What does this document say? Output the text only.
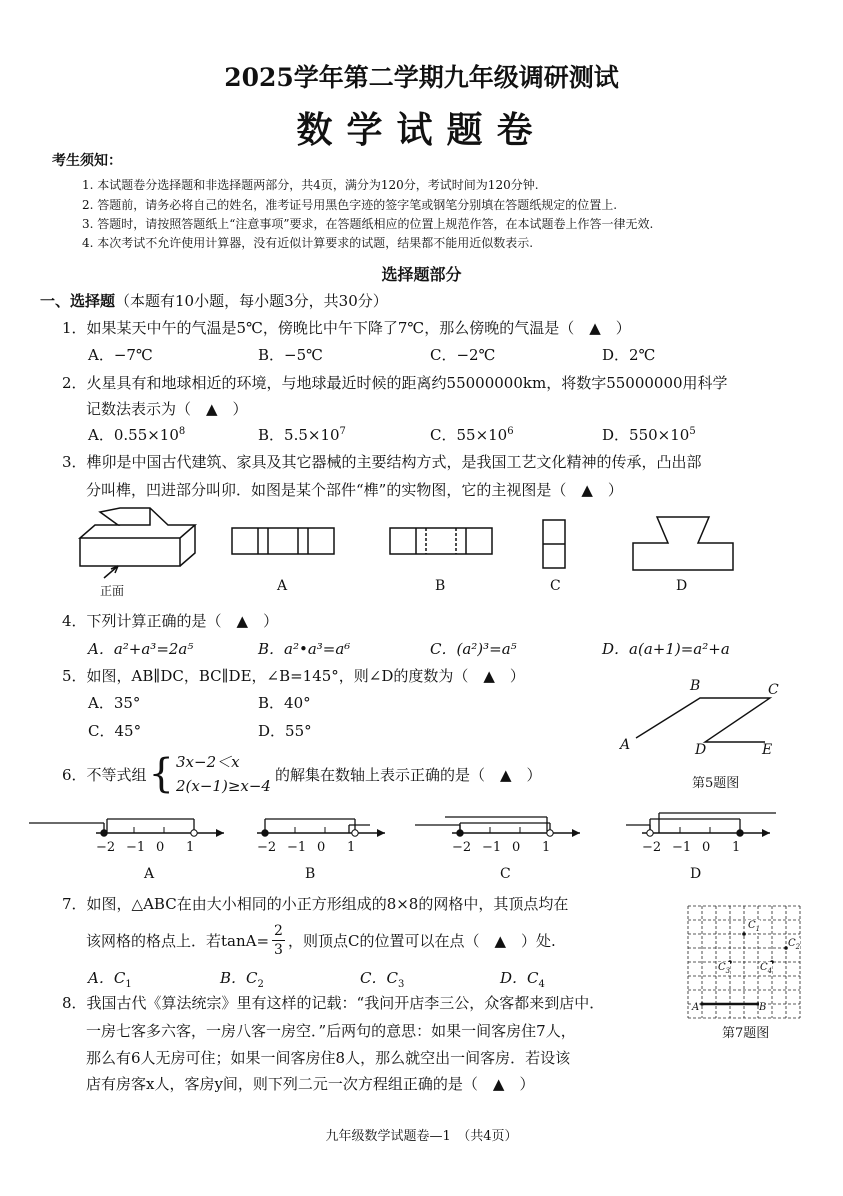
2025学年第二学期九年级调研测试
数学试题卷
考生须知：
1. 本试题卷分选择题和非选择题两部分，共4页，满分为120分，考试时间为120分钟.
2. 答题前，请务必将自己的姓名，准考证号用黑色字迹的签字笔或钢笔分别填在答题纸规定的位置上.
3. 答题时，请按照答题纸上“注意事项”要求，在答题纸相应的位置上规范作答，在本试题卷上作答一律无效.
4. 本次考试不允许使用计算器，没有近似计算要求的试题，结果都不能用近似数表示.
选择题部分
一、选择题（本题有10小题，每小题3分，共30分）
1．如果某天中午的气温是5℃，傍晚比中午下降了7℃，那么傍晚的气温是（　▲　）
A．−7℃	B．−5℃	C．−2℃	D．2℃
2．火星具有和地球相近的环境，与地球最近时候的距离约55000000km，将数字55000000用科学
记数法表示为（　▲　）
A．$0.55\times 10^8$	B．$5.5\times 10^7$	C．$55\times 10^6$	D．$550\times 10^5$
3．榫卯是中国古代建筑、家具及其它器械的主要结构方式，是我国工艺文化精神的传承，凸出部
分叫榫，凹进部分叫卯．如图是某个部件“榫”的实物图，它的主视图是（　▲　）
正面	A	B	C	D
4．下列计算正确的是（　▲　）
A．a²+a³=2a⁵	B．a²•a³=a⁶	C．(a²)³=a⁵	D．a(a+1)=a²+a
5．如图，AB∥DC，BC∥DE，∠B=145°，则∠D的度数为（　▲　）
A．35°	B．40°
C．45°	D．55°
A
B	C
D	E
第5题图
6．不等式组 { 3x−2＜x
2(x−1)≥x−4
的解集在数轴上表示正确的是（　▲　）
7．如图，△ABC在由大小相同的小正方形组成的8×8的网格中，其顶点均在
该网格的格点上．若$\tan A= \frac{2}{3}$ ，则顶点C的位置可以在点（　▲　）处.
A．$C_1$	B．$C_2$	C．$C_3$	D．$C_4$
第7题图
8．我国古代《算法统宗》里有这样的记载：“我问开店李三公，众客都来到店中．
一房七客多六客，一房八客一房空．”后两句的意思：如果一间客房住7人，
那么有6人无房可住；如果一间客房住8人，那么就空出一间客房．若设该
店有房客x人，客房y间，则下列二元一次方程组正确的是（　▲　）
九年级数学试题卷—1　（共4页）
−2 −1 0 1
A
−2 −1 0 1
B
−2 −1 0 1
C
−2 −1 0 1
D
$C_1$
$C_2$
$C_3$	$C_4$
A	B
